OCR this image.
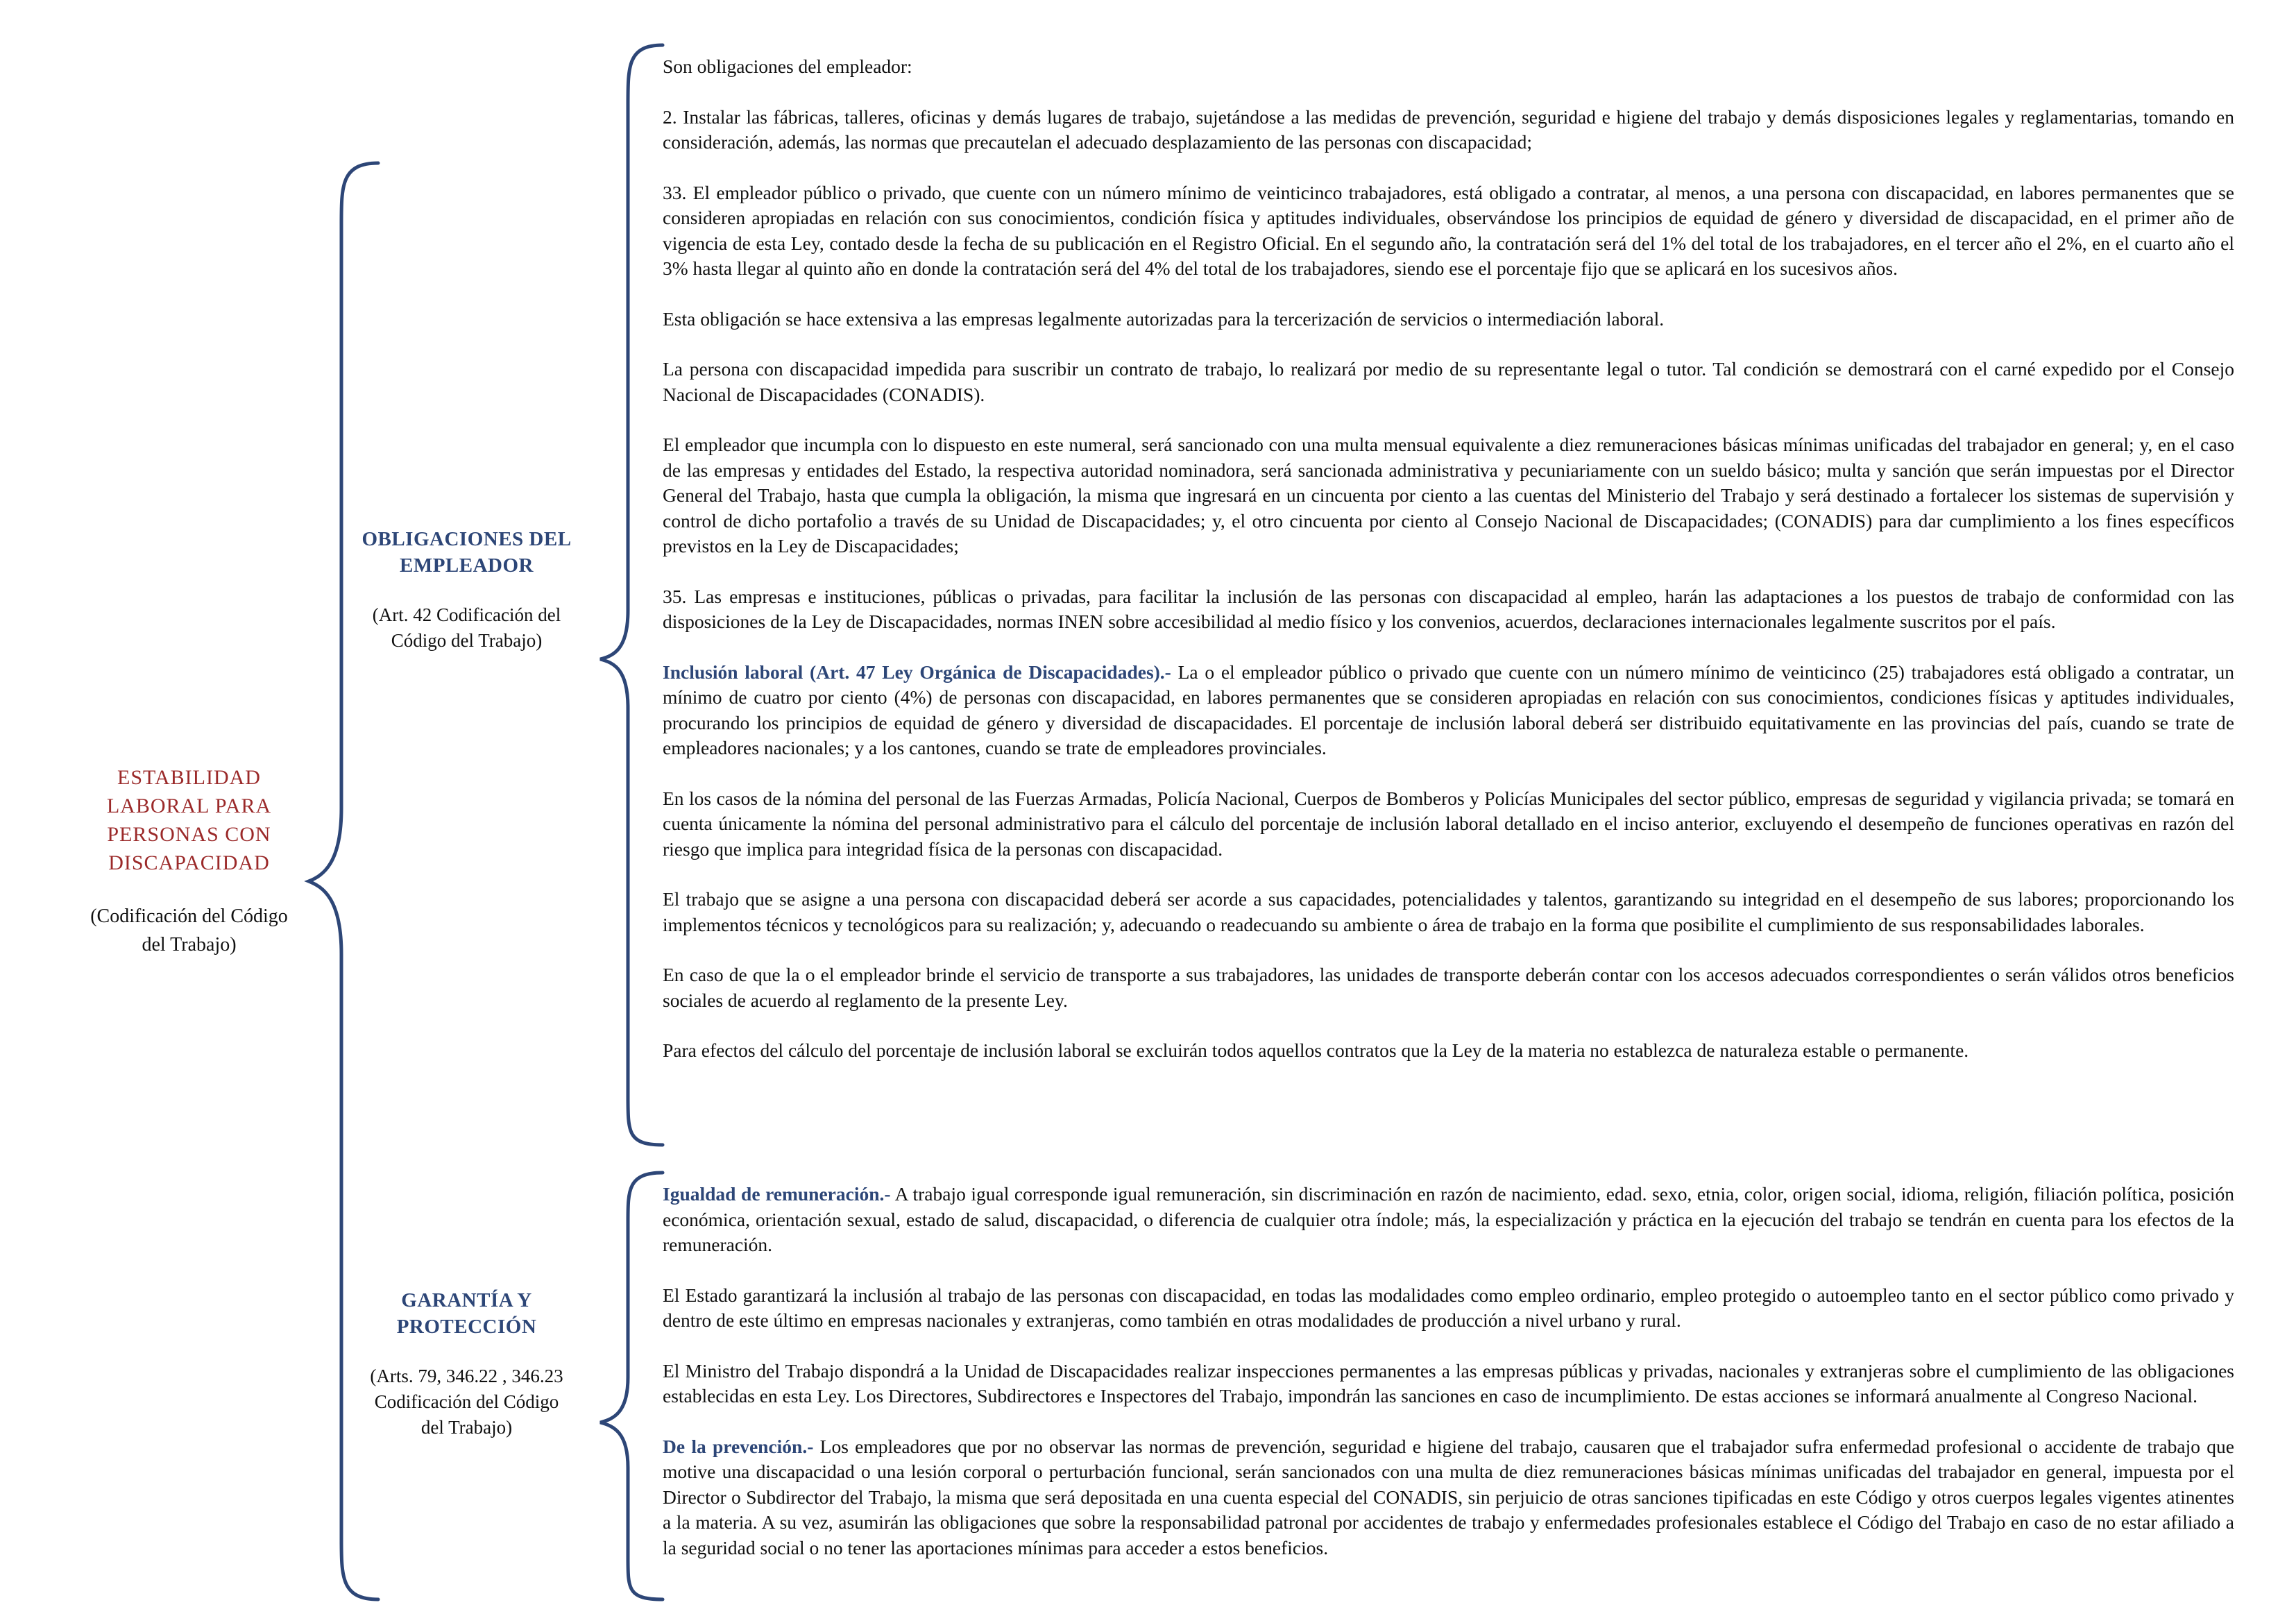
ESTABILIDAD
LABORAL PARA
PERSONAS CON
DISCAPACIDAD
(Codificación del Código
del Trabajo)
OBLIGACIONES DEL
EMPLEADOR
(Art. 42 Codificación del
Código del Trabajo)
GARANTÍA Y
PROTECCIÓN
(Arts. 79, 346.22 , 346.23
Codificación del Código
del Trabajo)

Son obligaciones del empleador:

2. Instalar las fábricas, talleres, oficinas y demás lugares de trabajo, sujetándose a las medidas de prevención, seguridad e higiene del trabajo y demás disposiciones legales y reglamentarias, tomando en consideración, además, las normas que precautelan el adecuado desplazamiento de las personas con discapacidad;

33. El empleador público o privado, que cuente con un número mínimo de veinticinco trabajadores, está obligado a contratar, al menos, a una persona con discapacidad, en labores permanentes que se consideren apropiadas en relación con sus conocimientos, condición física y aptitudes individuales, observándose los principios de equidad de género y diversidad de discapacidad, en el primer año de vigencia de esta Ley, contado desde la fecha de su publicación en el Registro Oficial. En el segundo año, la contratación será del 1% del total de los trabajadores, en el tercer año el 2%, en el cuarto año el 3% hasta llegar al quinto año en donde la contratación será del 4% del total de los trabajadores, siendo ese el porcentaje fijo que se aplicará en los sucesivos años.

Esta obligación se hace extensiva a las empresas legalmente autorizadas para la tercerización de servicios o intermediación laboral.

La persona con discapacidad impedida para suscribir un contrato de trabajo, lo realizará por medio de su representante legal o tutor. Tal condición se demostrará con el carné expedido por el Consejo Nacional de Discapacidades (CONADIS).

El empleador que incumpla con lo dispuesto en este numeral, será sancionado con una multa mensual equivalente a diez remuneraciones básicas mínimas unificadas del trabajador en general; y, en el caso de las empresas y entidades del Estado, la respectiva autoridad nominadora, será sancionada administrativa y pecuniariamente con un sueldo básico; multa y sanción que serán impuestas por el Director General del Trabajo, hasta que cumpla la obligación, la misma que ingresará en un cincuenta por ciento a las cuentas del Ministerio del Trabajo y será destinado a fortalecer los sistemas de supervisión y control de dicho portafolio a través de su Unidad de Discapacidades; y, el otro cincuenta por ciento al Consejo Nacional de Discapacidades; (CONADIS) para dar cumplimiento a los fines específicos previstos en la Ley de Discapacidades;

35. Las empresas e instituciones, públicas o privadas, para facilitar la inclusión de las personas con discapacidad al empleo, harán las adaptaciones a los puestos de trabajo de conformidad con las disposiciones de la Ley de Discapacidades, normas INEN sobre accesibilidad al medio físico y los convenios, acuerdos, declaraciones internacionales legalmente suscritos por el país.

Inclusión laboral (Art. 47 Ley Orgánica de Discapacidades).- La o el empleador público o privado que cuente con un número mínimo de veinticinco (25) trabajadores está obligado a contratar, un mínimo de cuatro por ciento (4%) de personas con discapacidad, en labores permanentes que se consideren apropiadas en relación con sus conocimientos, condiciones físicas y aptitudes individuales, procurando los principios de equidad de género y diversidad de discapacidades. El porcentaje de inclusión laboral deberá ser distribuido equitativamente en las provincias del país, cuando se trate de empleadores nacionales; y a los cantones, cuando se trate de empleadores provinciales.

En los casos de la nómina del personal de las Fuerzas Armadas, Policía Nacional, Cuerpos de Bomberos y Policías Municipales del sector público, empresas de seguridad y vigilancia privada; se tomará en cuenta únicamente la nómina del personal administrativo para el cálculo del porcentaje de inclusión laboral detallado en el inciso anterior, excluyendo el desempeño de funciones operativas en razón del riesgo que implica para integridad física de la personas con discapacidad.

El trabajo que se asigne a una persona con discapacidad deberá ser acorde a sus capacidades, potencialidades y talentos, garantizando su integridad en el desempeño de sus labores; proporcionando los implementos técnicos y tecnológicos para su realización; y, adecuando o readecuando su ambiente o área de trabajo en la forma que posibilite el cumplimiento de sus responsabilidades laborales.

En caso de que la o el empleador brinde el servicio de transporte a sus trabajadores, las unidades de transporte deberán contar con los accesos adecuados correspondientes o serán válidos otros beneficios sociales de acuerdo al reglamento de la presente Ley.

Para efectos del cálculo del porcentaje de inclusión laboral se excluirán todos aquellos contratos que la Ley de la materia no establezca de naturaleza estable o permanente.

Igualdad de remuneración.- A trabajo igual corresponde igual remuneración, sin discriminación en razón de nacimiento, edad. sexo, etnia, color, origen social, idioma, religión, filiación política, posición económica, orientación sexual, estado de salud, discapacidad, o diferencia de cualquier otra índole; más, la especialización y práctica en la ejecución del trabajo se tendrán en cuenta para los efectos de la remuneración.

El Estado garantizará la inclusión al trabajo de las personas con discapacidad, en todas las modalidades como empleo ordinario, empleo protegido o autoempleo tanto en el sector público como privado y dentro de este último en empresas nacionales y extranjeras, como también en otras modalidades de producción a nivel urbano y rural.

El Ministro del Trabajo dispondrá a la Unidad de Discapacidades realizar inspecciones permanentes a las empresas públicas y privadas, nacionales y extranjeras sobre el cumplimiento de las obligaciones establecidas en esta Ley. Los Directores, Subdirectores e Inspectores del Trabajo, impondrán las sanciones en caso de incumplimiento. De estas acciones se informará anualmente al Congreso Nacional.

De la prevención.- Los empleadores que por no observar las normas de prevención, seguridad e higiene del trabajo, causaren que el trabajador sufra enfermedad profesional o accidente de trabajo que motive una discapacidad o una lesión corporal o perturbación funcional, serán sancionados con una multa de diez remuneraciones básicas mínimas unificadas del trabajador en general, impuesta por el Director o Subdirector del Trabajo, la misma que será depositada en una cuenta especial del CONADIS, sin perjuicio de otras sanciones tipificadas en este Código y otros cuerpos legales vigentes atinentes a la materia. A su vez, asumirán las obligaciones que sobre la responsabilidad patronal por accidentes de trabajo y enfermedades profesionales establece el Código del Trabajo en caso de no estar afiliado a la seguridad social o no tener las aportaciones mínimas para acceder a estos beneficios.
